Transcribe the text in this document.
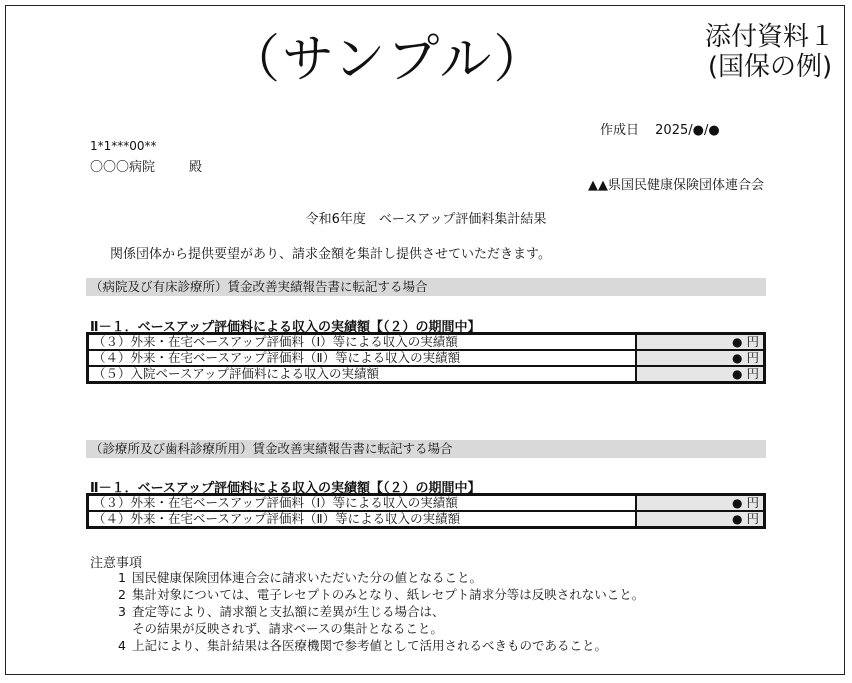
（サンプル）	添付資料１
(国保の例)
作成日 2025/●/●
1*1***00**
〇〇〇病院	殿
▲▲県国民健康保険団体連合会
令和6年度　ベースアップ評価料集計結果
関係団体から提供要望があり、請求金額を集計し提供させていただきます。
（病院及び有床診療所）賃金改善実績報告書に転記する場合
Ⅱ－１．ベースアップ評価料による収入の実績額【（２）の期間中】
（３）外来・在宅ベースアップ評価料（Ⅰ）等による収入の実績額	● 円
（４）外来・在宅ベースアップ評価料（Ⅱ）等による収入の実績額	● 円
（５）入院ベースアップ評価料による収入の実績額	● 円
（診療所及び歯科診療所用）賃金改善実績報告書に転記する場合
Ⅱ－１．ベースアップ評価料による収入の実績額【（２）の期間中】
（３）外来・在宅ベースアップ評価料（Ⅰ）等による収入の実績額	● 円
（４）外来・在宅ベースアップ評価料（Ⅱ）等による収入の実績額	● 円
注意事項
1 国民健康保険団体連合会に請求いただいた分の値となること。
2 集計対象については、電子レセプトのみとなり、紙レセプト請求分等は反映されないこと。
3 査定等により、請求額と支払額に差異が生じる場合は、
その結果が反映されず、請求ベースの集計となること。
4 上記により、集計結果は各医療機関で参考値として活用されるべきものであること。
